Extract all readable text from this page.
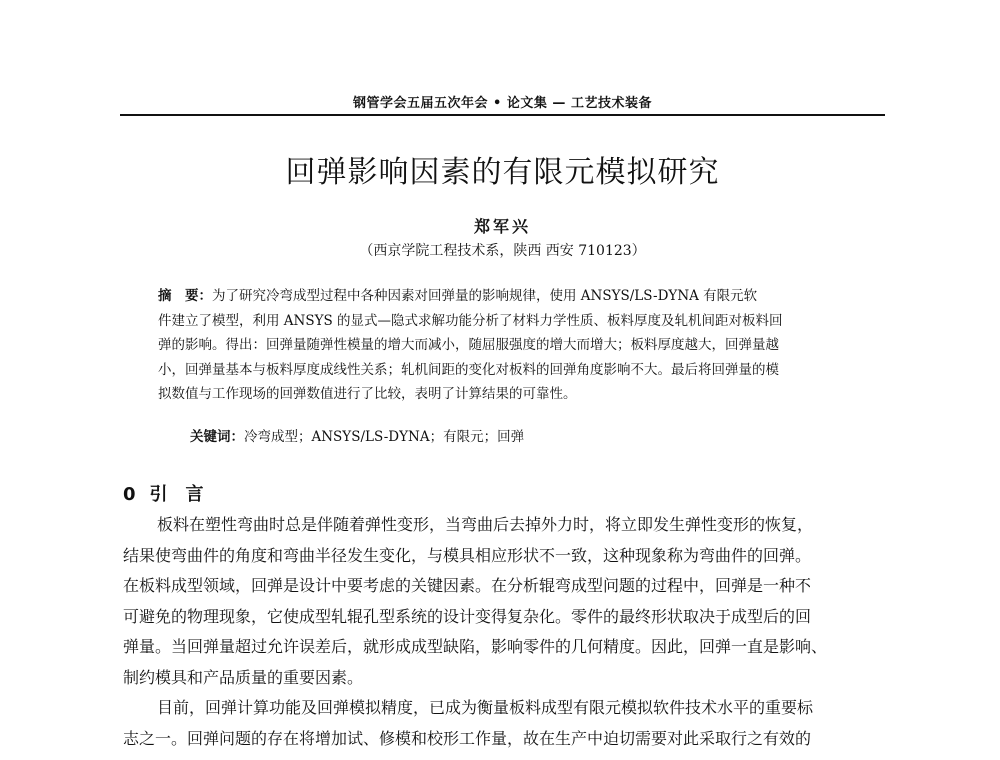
钢管学会五届五次年会 • 论文集 — 工艺技术装备
回弹影响因素的有限元模拟研究
郑军兴
（西京学院工程技术系，陕西 西安 710123）
摘　要：为了研究冷弯成型过程中各种因素对回弹量的影响规律，使用 ANSYS/LS-DYNA 有限元软
件建立了模型，利用 ANSYS 的显式—隐式求解功能分析了材料力学性质、板料厚度及轧机间距对板料回
弹的影响。得出：回弹量随弹性模量的增大而减小，随屈服强度的增大而增大；板料厚度越大，回弹量越
小，回弹量基本与板料厚度成线性关系；轧机间距的变化对板料的回弹角度影响不大。最后将回弹量的模
拟数值与工作现场的回弹数值进行了比较，表明了计算结果的可靠性。
关键词：冷弯成型；ANSYS/LS-DYNA；有限元；回弹
0 引言
板料在塑性弯曲时总是伴随着弹性变形，当弯曲后去掉外力时，将立即发生弹性变形的恢复，
结果使弯曲件的角度和弯曲半径发生变化，与模具相应形状不一致，这种现象称为弯曲件的回弹。
在板料成型领域，回弹是设计中要考虑的关键因素。在分析辊弯成型问题的过程中，回弹是一种不
可避免的物理现象，它使成型轧辊孔型系统的设计变得复杂化。零件的最终形状取决于成型后的回
弹量。当回弹量超过允许误差后，就形成成型缺陷，影响零件的几何精度。因此，回弹一直是影响、
制约模具和产品质量的重要因素。
目前，回弹计算功能及回弹模拟精度，已成为衡量板料成型有限元模拟软件技术水平的重要标
志之一。回弹问题的存在将增加试、修模和校形工作量，故在生产中迫切需要对此采取行之有效的
